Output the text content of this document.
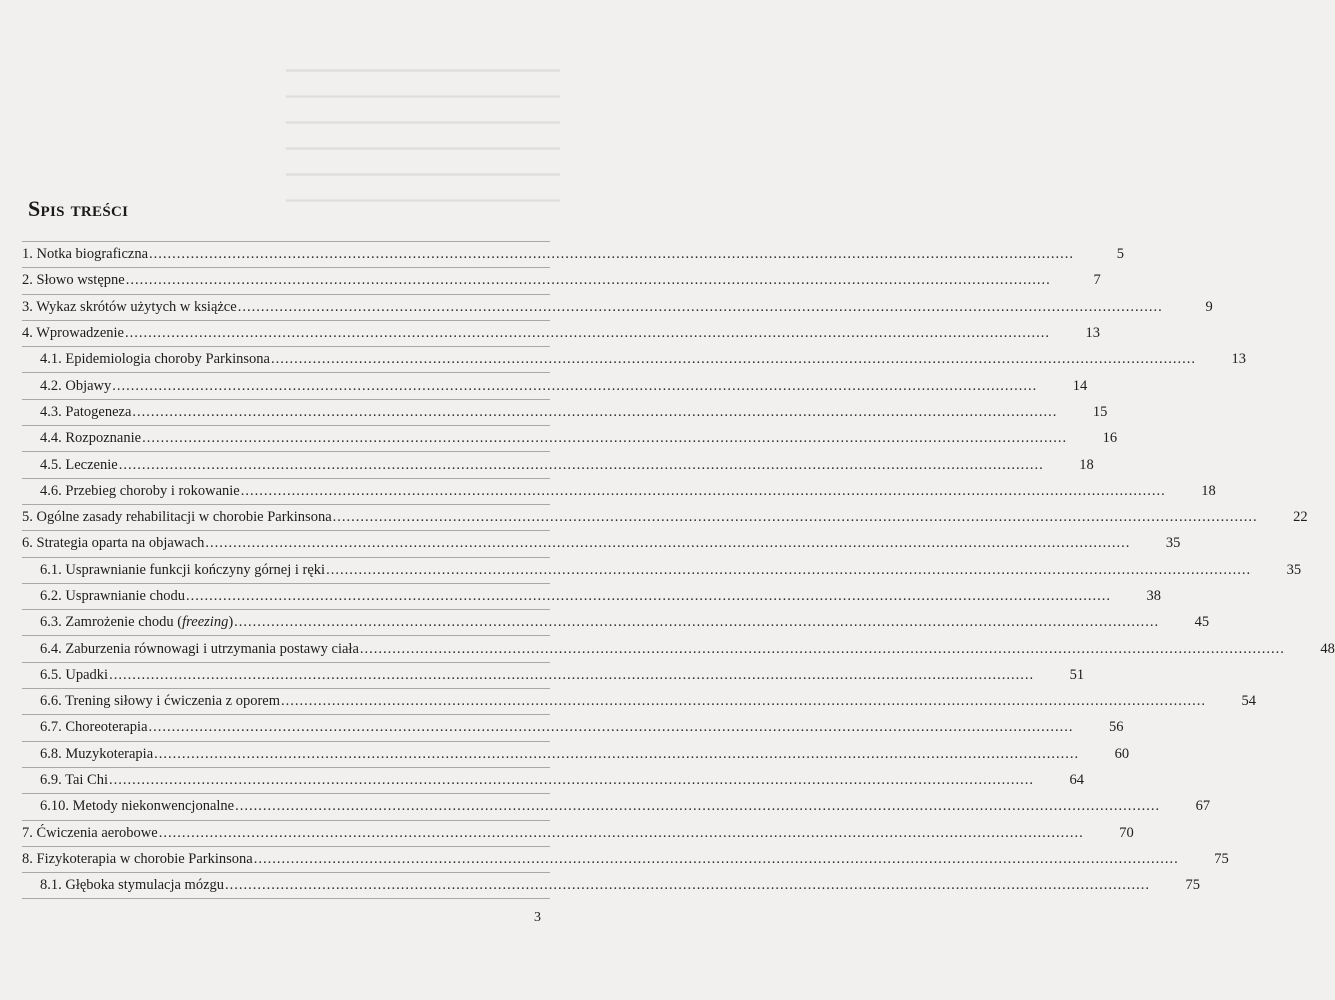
━━━━━━━━━━━━━━━━━━━━━━━━━━━━━━━━━━━
━━━━━━━━━━━━━━━━━━━━━━━━━━━━━━━━━━━
━━━━━━━━━━━━━━━━━━━━━━━━━━━━━━━━━━━
━━━━━━━━━━━━━━━━━━━━━━━━━━━━━━━━━━━
━━━━━━━━━━━━━━━━━━━━━━━━━━━━━━━━━━━
━━━━━━━━━━━━━━━━━━━━━━━━━━━━━━━━━━━
Spis treści
1. Notka biograficzna ........................................................................................................................................................................................................	5
2. Słowo wstępne ........................................................................................................................................................................................................	7
3. Wykaz skrótów użytych w książce ........................................................................................................................................................................................................	9
4. Wprowadzenie ........................................................................................................................................................................................................	13
4.1. Epidemiologia choroby Parkinsona ........................................................................................................................................................................................................	13
4.2. Objawy ........................................................................................................................................................................................................	14
4.3. Patogeneza ........................................................................................................................................................................................................	15
4.4. Rozpoznanie ........................................................................................................................................................................................................	16
4.5. Leczenie ........................................................................................................................................................................................................	18
4.6. Przebieg choroby i rokowanie ........................................................................................................................................................................................................	18
5. Ogólne zasady rehabilitacji w chorobie Parkinsona ........................................................................................................................................................................................................	22
6. Strategia oparta na objawach ........................................................................................................................................................................................................	35
6.1. Usprawnianie funkcji kończyny górnej i ręki ........................................................................................................................................................................................................	35
6.2. Usprawnianie chodu ........................................................................................................................................................................................................	38
6.3. Zamrożenie chodu (freezing) ........................................................................................................................................................................................................	45
6.4. Zaburzenia równowagi i utrzymania postawy ciała ........................................................................................................................................................................................................	48
6.5. Upadki ........................................................................................................................................................................................................	51
6.6. Trening siłowy i ćwiczenia z oporem ........................................................................................................................................................................................................	54
6.7. Choreoterapia ........................................................................................................................................................................................................	56
6.8. Muzykoterapia ........................................................................................................................................................................................................	60
6.9. Tai Chi ........................................................................................................................................................................................................	64
6.10. Metody niekonwencjonalne ........................................................................................................................................................................................................	67
7. Ćwiczenia aerobowe ........................................................................................................................................................................................................	70
8. Fizykoterapia w chorobie Parkinsona ........................................................................................................................................................................................................	75
8.1. Głęboka stymulacja mózgu ........................................................................................................................................................................................................	75
3
